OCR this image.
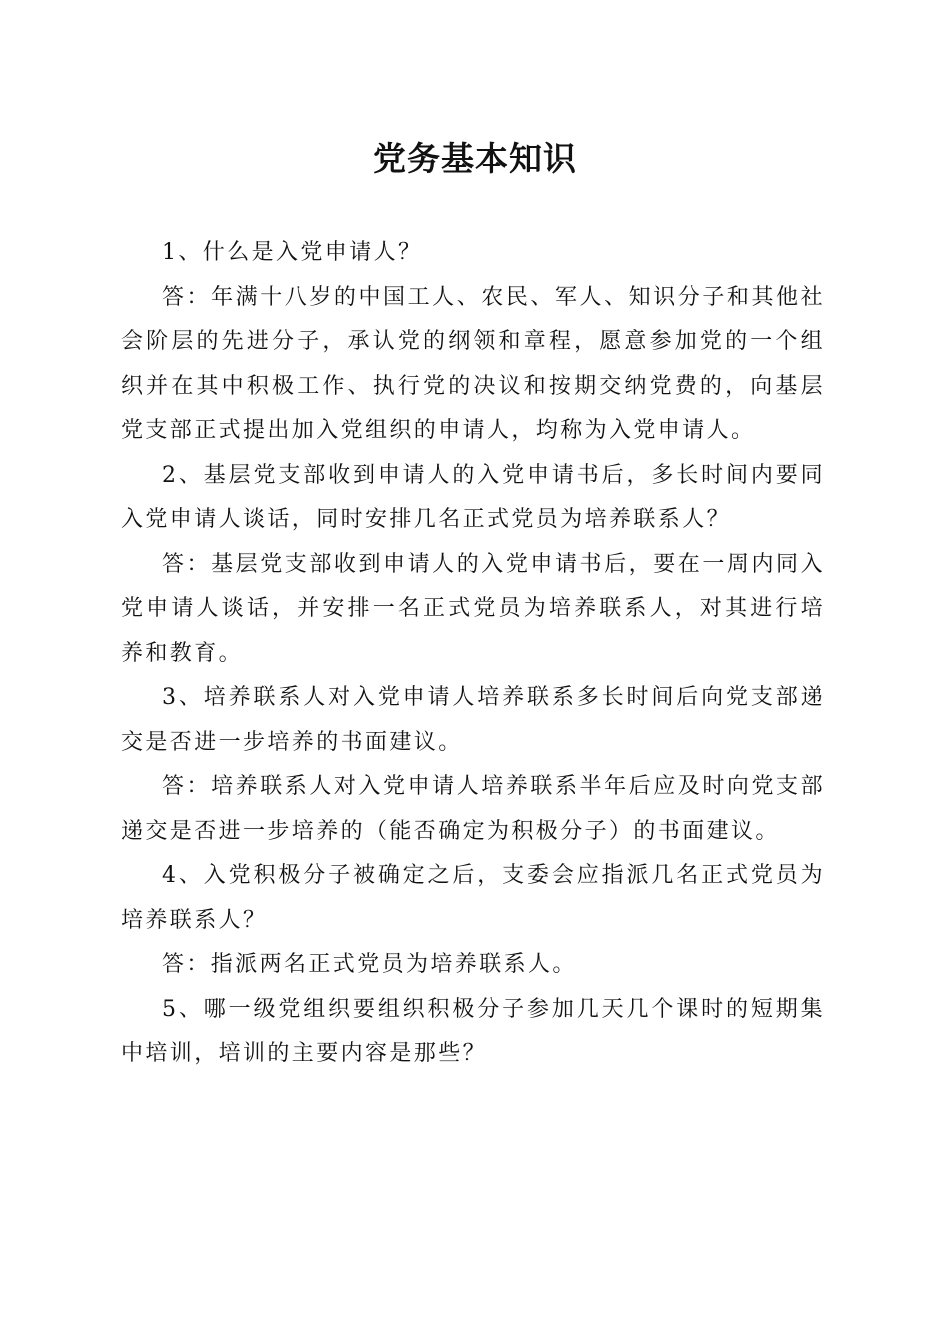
党务基本知识

1、什么是入党申请人？

答：年满十八岁的中国工人、农民、军人、知识分子和其他社会阶层的先进分子，承认党的纲领和章程，愿意参加党的一个组织并在其中积极工作、执行党的决议和按期交纳党费的，向基层党支部正式提出加入党组织的申请人，均称为入党申请人。

2、基层党支部收到申请人的入党申请书后，多长时间内要同入党申请人谈话，同时安排几名正式党员为培养联系人？

答：基层党支部收到申请人的入党申请书后，要在一周内同入党申请人谈话，并安排一名正式党员为培养联系人，对其进行培养和教育。

3、培养联系人对入党申请人培养联系多长时间后向党支部递交是否进一步培养的书面建议。

答：培养联系人对入党申请人培养联系半年后应及时向党支部递交是否进一步培养的（能否确定为积极分子）的书面建议。

4、入党积极分子被确定之后，支委会应指派几名正式党员为培养联系人？

答：指派两名正式党员为培养联系人。

5、哪一级党组织要组织积极分子参加几天几个课时的短期集中培训，培训的主要内容是那些？
